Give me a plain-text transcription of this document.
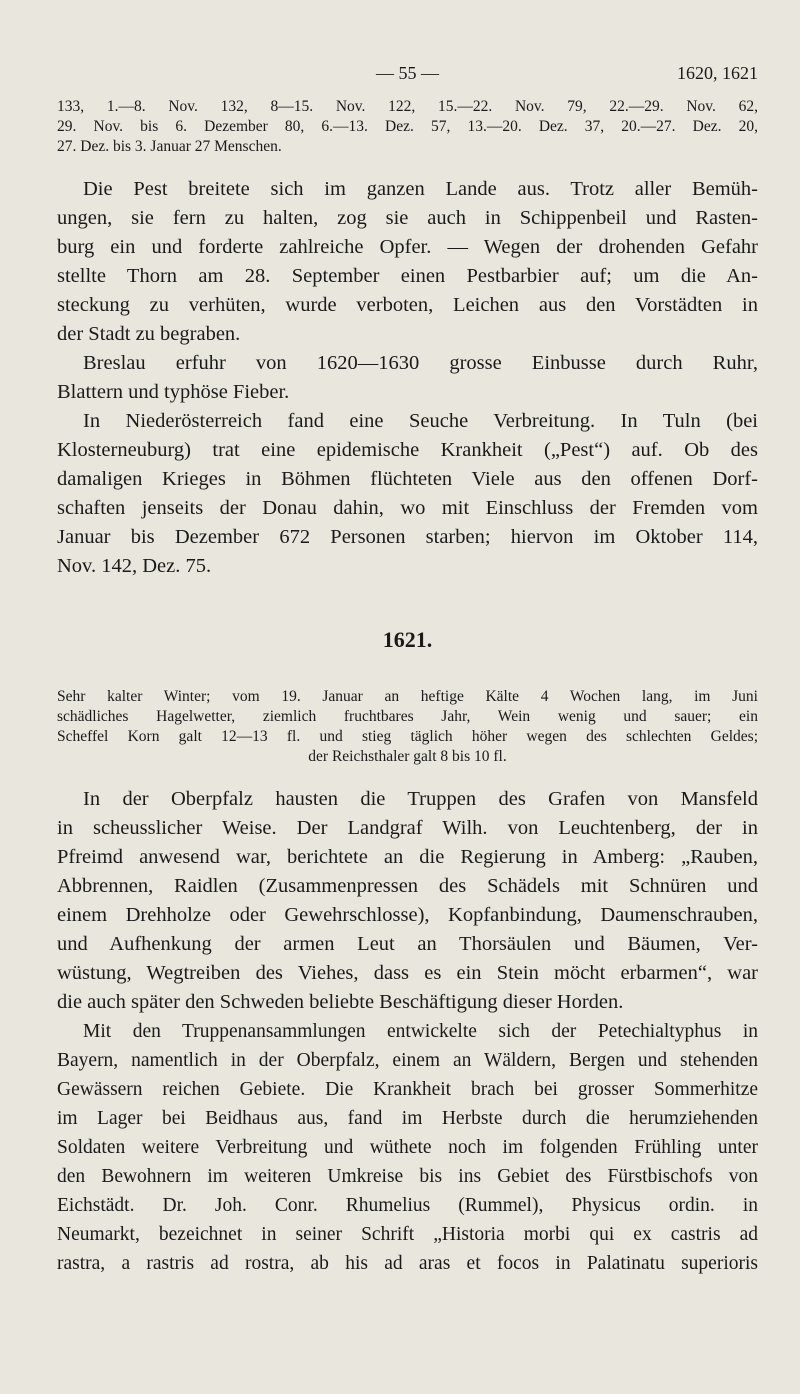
— 55 —	1620, 1621
133, 1.—8. Nov. 132, 8—15. Nov. 122, 15.—22. Nov. 79, 22.—29. Nov. 62,
29. Nov. bis 6. Dezember 80, 6.—13. Dez. 57, 13.—20. Dez. 37, 20.—27. Dez. 20,
27. Dez. bis 3. Januar 27 Menschen.
Die Pest breitete sich im ganzen Lande aus. Trotz aller Bemüh-
ungen, sie fern zu halten, zog sie auch in Schippenbeil und Rasten-
burg ein und forderte zahlreiche Opfer. — Wegen der drohenden Gefahr
stellte Thorn am 28. September einen Pestbarbier auf; um die An-
steckung zu verhüten, wurde verboten, Leichen aus den Vorstädten in
der Stadt zu begraben.
Breslau erfuhr von 1620—1630 grosse Einbusse durch Ruhr,
Blattern und typhöse Fieber.
In Niederösterreich fand eine Seuche Verbreitung. In Tuln (bei
Klosterneuburg) trat eine epidemische Krankheit („Pest“) auf. Ob des
damaligen Krieges in Böhmen flüchteten Viele aus den offenen Dorf-
schaften jenseits der Donau dahin, wo mit Einschluss der Fremden vom
Januar bis Dezember 672 Personen starben; hiervon im Oktober 114,
Nov. 142, Dez. 75.
1621.
Sehr kalter Winter; vom 19. Januar an heftige Kälte 4 Wochen lang, im Juni
schädliches Hagelwetter, ziemlich fruchtbares Jahr, Wein wenig und sauer; ein
Scheffel Korn galt 12—13 fl. und stieg täglich höher wegen des schlechten Geldes;
der Reichsthaler galt 8 bis 10 fl.
In der Oberpfalz hausten die Truppen des Grafen von Mansfeld
in scheusslicher Weise. Der Landgraf Wilh. von Leuchtenberg, der in
Pfreimd anwesend war, berichtete an die Regierung in Amberg: „Rauben,
Abbrennen, Raidlen (Zusammenpressen des Schädels mit Schnüren und
einem Drehholze oder Gewehrschlosse), Kopfanbindung, Daumenschrauben,
und Aufhenkung der armen Leut an Thorsäulen und Bäumen, Ver-
wüstung, Wegtreiben des Viehes, dass es ein Stein möcht erbarmen“, war
die auch später den Schweden beliebte Beschäftigung dieser Horden.
Mit den Truppenansammlungen entwickelte sich der Petechialtyphus in
Bayern, namentlich in der Oberpfalz, einem an Wäldern, Bergen und stehenden
Gewässern reichen Gebiete. Die Krankheit brach bei grosser Sommerhitze
im Lager bei Beidhaus aus, fand im Herbste durch die herumziehenden
Soldaten weitere Verbreitung und wüthete noch im folgenden Frühling unter
den Bewohnern im weiteren Umkreise bis ins Gebiet des Fürstbischofs von
Eichstädt. Dr. Joh. Conr. Rhumelius (Rummel), Physicus ordin. in
Neumarkt, bezeichnet in seiner Schrift „Historia morbi qui ex castris ad
rastra, a rastris ad rostra, ab his ad aras et focos in Palatinatu superioris
